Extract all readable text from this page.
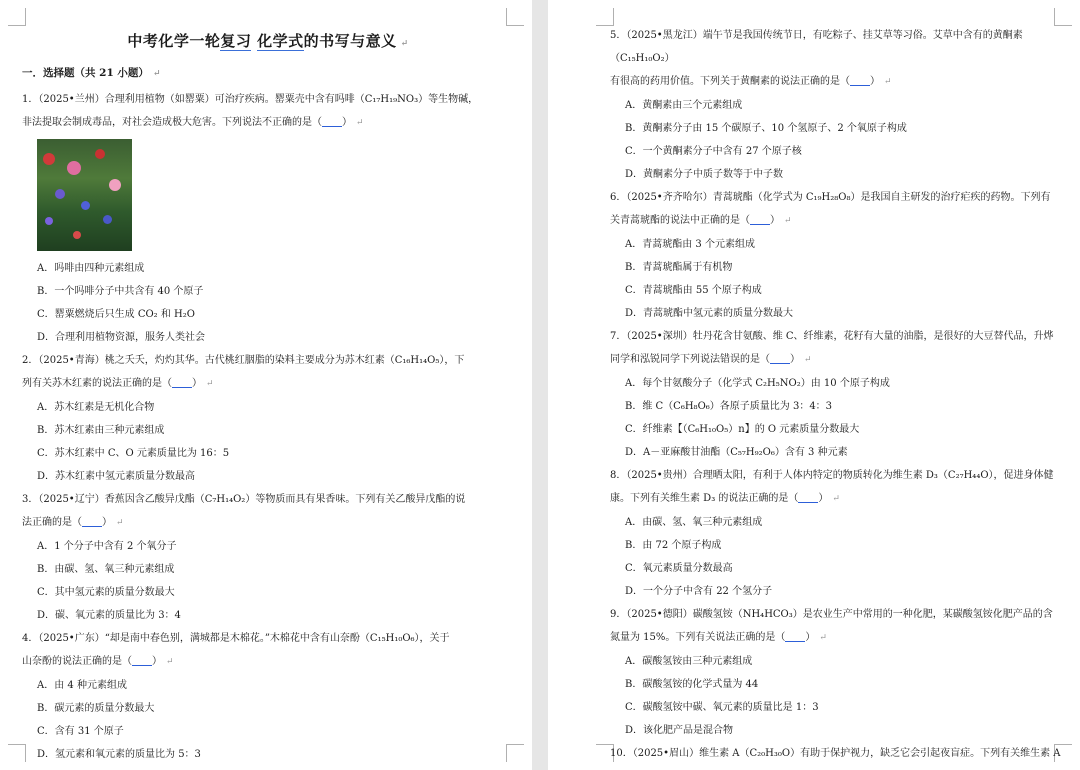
中考化学一轮复习 化学式的书写与意义 ↵
一．选择题（共 21 小题） ↵
1．（2025•兰州）合理利用植物（如罂粟）可治疗疾病。罂粟壳中含有吗啡（C₁₇H₁₉NO₃）等生物碱，
非法提取会制成毒品，对社会造成极大危害。下列说法不正确的是（ ） ↵
A．吗啡由四种元素组成
B．一个吗啡分子中共含有 40 个原子
C．罂粟燃烧后只生成 CO₂ 和 H₂O
D．合理利用植物资源，服务人类社会
2．（2025•青海）桃之夭夭，灼灼其华。古代桃红胭脂的染料主要成分为苏木红素（C₁₆H₁₄O₅），下
列有关苏木红素的说法正确的是（ ） ↵
A．苏木红素是无机化合物
B．苏木红素由三种元素组成
C．苏木红素中 C、O 元素质量比为 16：5
D．苏木红素中氢元素质量分数最高
3．（2025•辽宁）香蕉因含乙酸异戊酯（C₇H₁₄O₂）等物质而具有果香味。下列有关乙酸异戊酯的说
法正确的是（ ） ↵
A．1 个分子中含有 2 个氧分子
B．由碳、氢、氧三种元素组成
C．其中氢元素的质量分数最大
D．碳、氧元素的质量比为 3：4
4．（2025•广东）“却是南中春色别，满城都是木棉花。”木棉花中含有山奈酚（C₁₅H₁₀O₆），关于
山奈酚的说法正确的是（ ） ↵
A．由 4 种元素组成
B．碳元素的质量分数最大
C．含有 31 个原子
D．氢元素和氧元素的质量比为 5：3
5．（2025•黑龙江）端午节是我国传统节日，有吃粽子、挂艾草等习俗。艾草中含有的黄酮素（C₁₅H₁₀O₂）
有很高的药用价值。下列关于黄酮素的说法正确的是（ ） ↵
A．黄酮素由三个元素组成
B．黄酮素分子由 15 个碳原子、10 个氢原子、2 个氧原子构成
C．一个黄酮素分子中含有 27 个原子核
D．黄酮素分子中质子数等于中子数
6．（2025•齐齐哈尔）青蒿琥酯（化学式为 C₁₉H₂₈O₈）是我国自主研发的治疗疟疾的药物。下列有
关青蒿琥酯的说法中正确的是（ ） ↵
A．青蒿琥酯由 3 个元素组成
B．青蒿琥酯属于有机物
C．青蒿琥酯由 55 个原子构成
D．青蒿琥酯中氢元素的质量分数最大
7．（2025•深圳）牡丹花含甘氨酸、维 C、纤维素，花籽有大量的油脂，是很好的大豆替代品，升烨
同学和泓锐同学下列说法错误的是（ ） ↵
A．每个甘氨酸分子（化学式 C₂H₅NO₂）由 10 个原子构成
B．维 C（C₆H₈O₆）各原子质量比为 3：4：3
C．纤维素【（C₆H₁₀O₅）n】的 O 元素质量分数最大
D．A－亚麻酸甘油酯（C₅₇H₉₂O₆）含有 3 种元素
8．（2025•贵州）合理晒太阳，有利于人体内特定的物质转化为维生素 D₃（C₂₇H₄₄O），促进身体健
康。下列有关维生素 D₃ 的说法正确的是（ ） ↵
A．由碳、氢、氧三种元素组成
B．由 72 个原子构成
C．氧元素质量分数最高
D．一个分子中含有 22 个氢分子
9．（2025•德阳）碳酸氢铵（NH₄HCO₃）是农业生产中常用的一种化肥，某碳酸氢铵化肥产品的含
氮量为 15%。下列有关说法正确的是（ ） ↵
A．碳酸氢铵由三种元素组成
B．碳酸氢铵的化学式量为 44
C．碳酸氢铵中碳、氧元素的质量比是 1：3
D．该化肥产品是混合物
10．（2025•眉山）维生素 A（C₂₀H₃₀O）有助于保护视力，缺乏它会引起夜盲症。下列有关维生素 A
